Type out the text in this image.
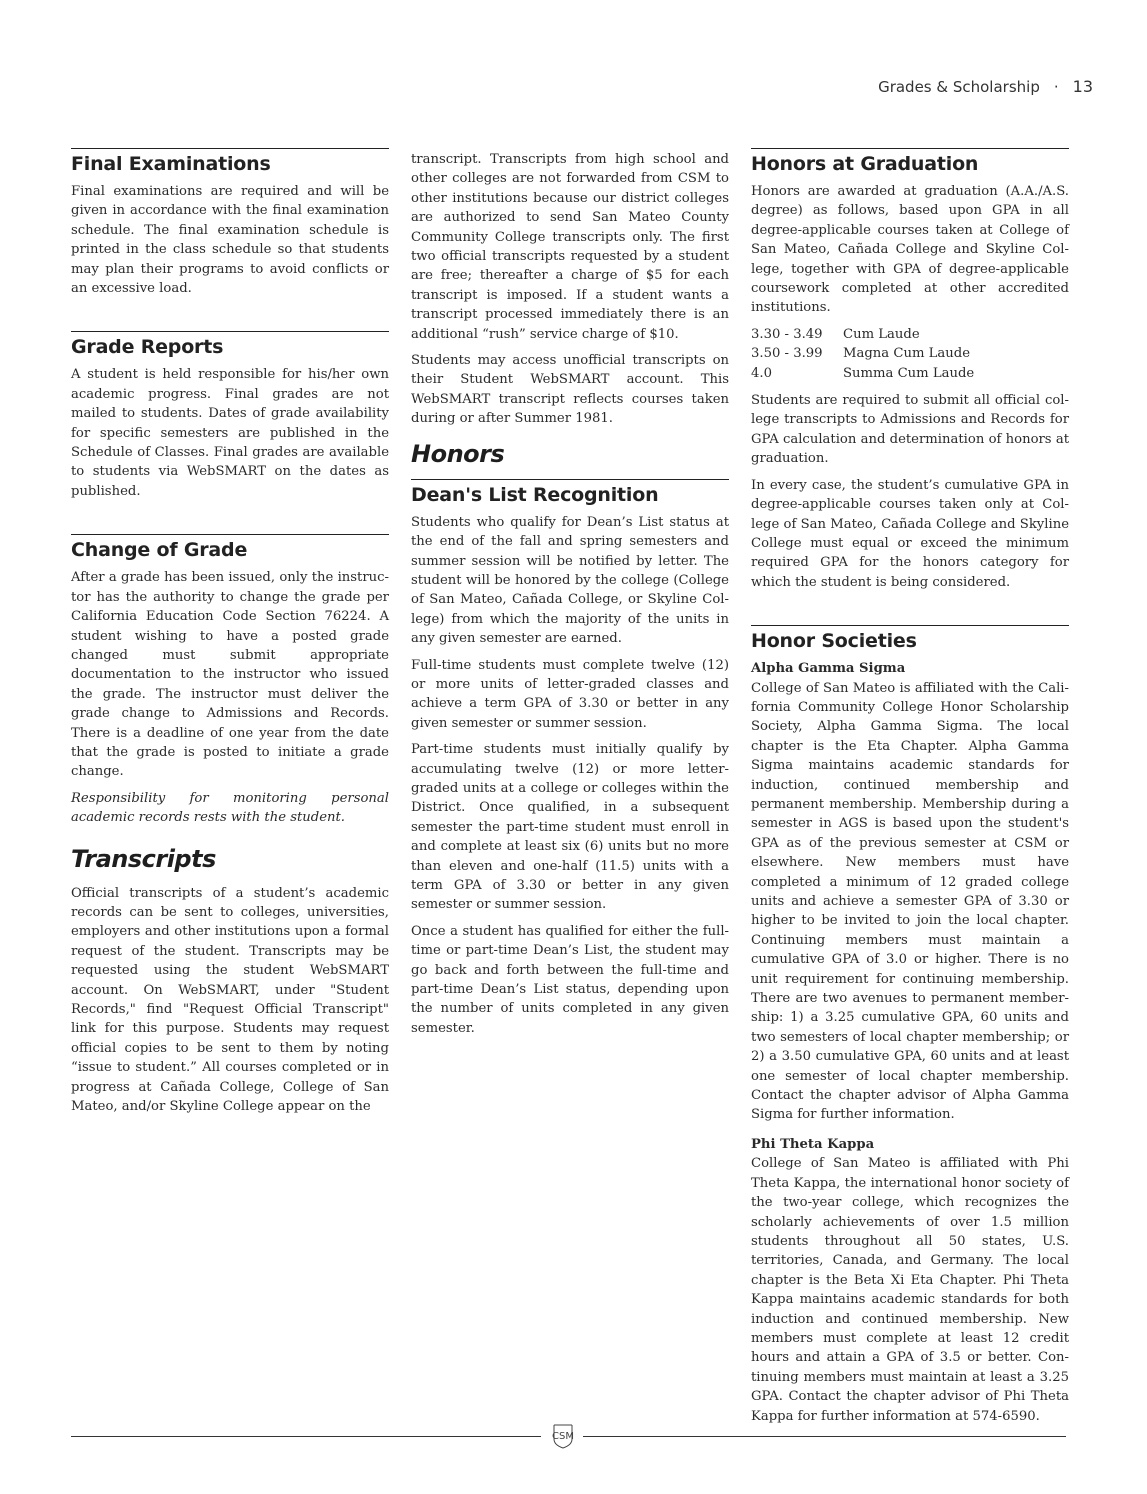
Grades & Scholarship · 13
Final Examinations

Final examinations are required and will be given in accordance with the final examination schedule. The final examination schedule is printed in the class schedule so that students may plan their programs to avoid conflicts or an excessive load.

Grade Reports

A student is held responsible for his/her own academic progress. Final grades are not mailed to students. Dates of grade availability for specific semesters are published in the Schedule of Classes. Final grades are available to students via WebSMART on the dates as published.

Change of Grade

After a grade has been issued, only the instructor has the authority to change the grade per California Education Code Section 76224. A student wishing to have a posted grade changed must submit appropriate documentation to the instructor who issued the grade. The instructor must deliver the grade change to Admissions and Records. There is a deadline of one year from the date that the grade is posted to initiate a grade change.

Responsibility for monitoring personal academic records rests with the student.

Transcripts

Official transcripts of a student’s academic records can be sent to colleges, universities, employers and other institutions upon a formal request of the student. Transcripts may be requested using the student WebSMART account. On WebSMART, under "Student Records," find "Request Official Transcript" link for this purpose. Students may request official copies to be sent to them by noting “issue to student.” All courses completed or in progress at Cañada College, College of San Mateo, and/or Skyline College appear on the

transcript. Transcripts from high school and other colleges are not forwarded from CSM to other institutions because our district colleges are authorized to send San Mateo County Community College transcripts only. The first two official transcripts requested by a student are free; thereafter a charge of $5 for each transcript is imposed. If a student wants a transcript processed immediately there is an additional “rush” service charge of $10.

Students may access unofficial transcripts on their Student WebSMART account. This WebSMART transcript reflects courses taken during or after Summer 1981.

Honors
Dean's List Recognition

Students who qualify for Dean’s List status at the end of the fall and spring semesters and summer session will be notified by letter. The student will be honored by the college (College of San Mateo, Cañada College, or Skyline College) from which the majority of the units in any given semester are earned.

Full-time students must complete twelve (12) or more units of letter-graded classes and achieve a term GPA of 3.30 or better in any given semester or summer session.

Part-time students must initially qualify by accumulating twelve (12) or more letter-graded units at a college or colleges within the District. Once qualified, in a subsequent semester the part-time student must enroll in and complete at least six (6) units but no more than eleven and one-half (11.5) units with a term GPA of 3.30 or better in any given semester or summer session.

Once a student has qualified for either the full-time or part-time Dean’s List, the student may go back and forth between the full-time and part-time Dean’s List status, depending upon the number of units completed in any given semester.

Honors at Graduation

Honors are awarded at graduation (A.A./A.S. degree) as follows, based upon GPA in all degree-applicable courses taken at College of San Mateo, Cañada College and Skyline College, together with GPA of degree-applicable coursework completed at other accredited institutions.

3.30 - 3.49	Cum Laude
3.50 - 3.99	Magna Cum Laude
4.0	Summa Cum Laude

Students are required to submit all official college transcripts to Admissions and Records for GPA calculation and determination of honors at graduation.

In every case, the student’s cumulative GPA in degree-applicable courses taken only at College of San Mateo, Cañada College and Skyline College must equal or exceed the minimum required GPA for the honors category for which the student is being considered.

Honor Societies

Alpha Gamma Sigma

College of San Mateo is affiliated with the California Community College Honor Scholarship Society, Alpha Gamma Sigma. The local chapter is the Eta Chapter. Alpha Gamma Sigma maintains academic standards for induction, continued membership and permanent membership. Membership during a semester in AGS is based upon the student's GPA as of the previous semester at CSM or elsewhere. New members must have completed a minimum of 12 graded college units and achieve a semester GPA of 3.30 or higher to be invited to join the local chapter. Continuing members must maintain a cumulative GPA of 3.0 or higher. There is no unit requirement for continuing membership. There are two avenues to permanent membership: 1) a 3.25 cumulative GPA, 60 units and two semesters of local chapter membership; or 2) a 3.50 cumulative GPA, 60 units and at least one semester of local chapter membership. Contact the chapter advisor of Alpha Gamma Sigma for further information.

Phi Theta Kappa

College of San Mateo is affiliated with Phi Theta Kappa, the international honor society of the two-year college, which recognizes the scholarly achievements of over 1.5 million students throughout all 50 states, U.S. territories, Canada, and Germany. The local chapter is the Beta Xi Eta Chapter. Phi Theta Kappa maintains academic standards for both induction and continued membership. New members must complete at least 12 credit hours and attain a GPA of 3.5 or better. Continuing members must maintain at least a 3.25 GPA. Contact the chapter advisor of Phi Theta Kappa for further information at 574-6590.

CSM
